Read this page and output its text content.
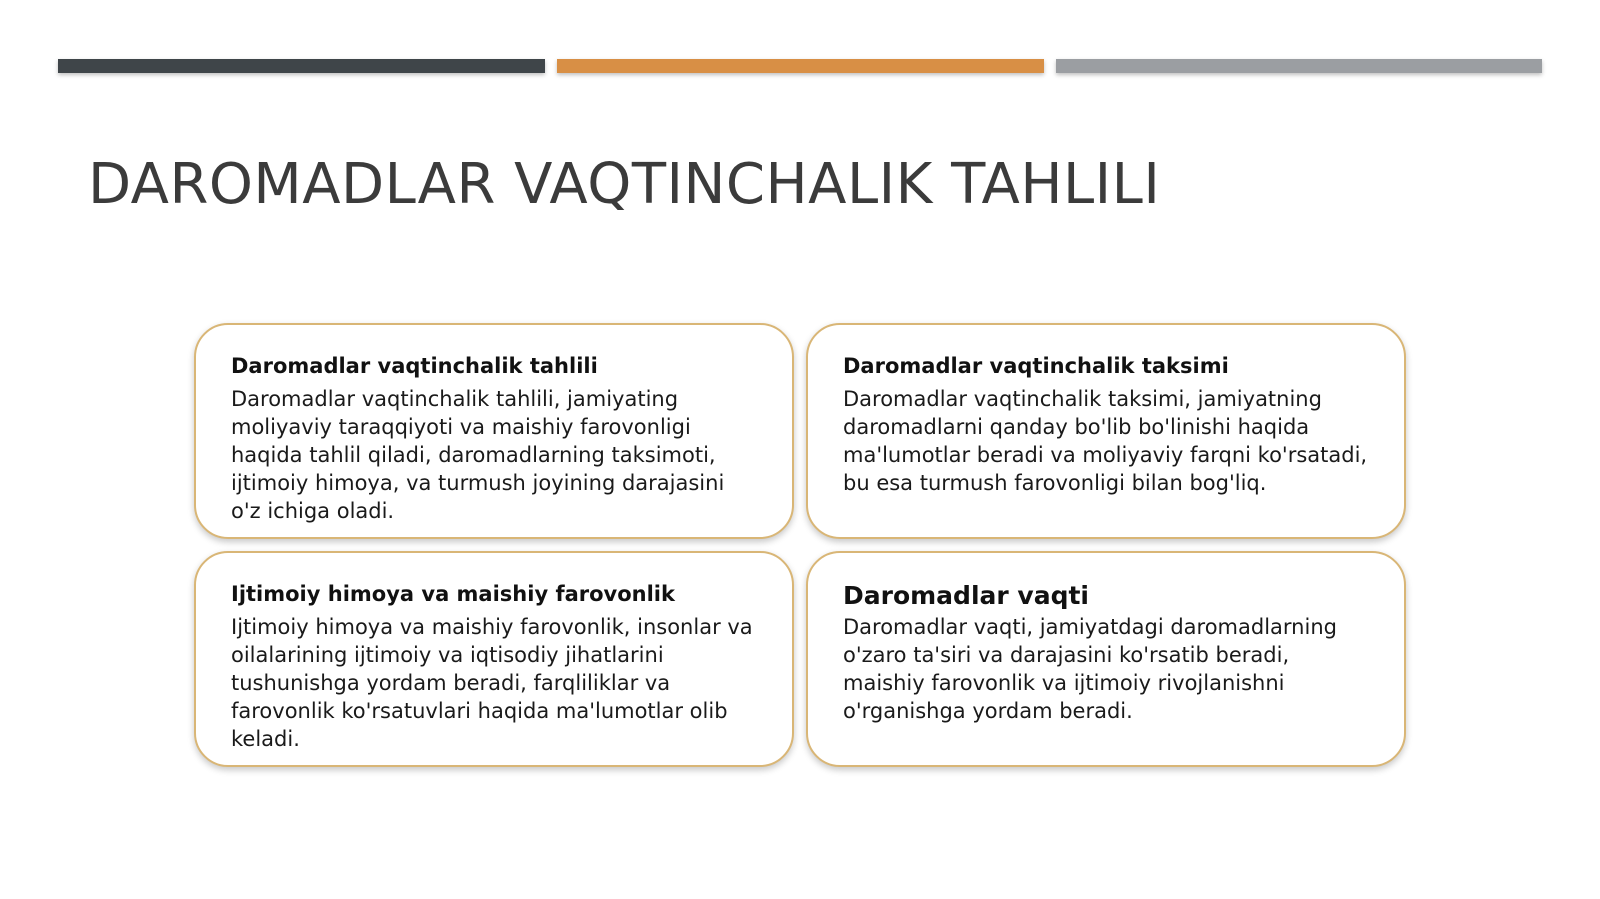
DAROMADLAR VAQTINCHALIK TAHLILI
Daromadlar vaqtinchalik tahlili

Daromadlar vaqtinchalik tahlili, jamiyating moliyaviy taraqqiyoti va maishiy farovonligi haqida tahlil qiladi, daromadlarning taksimoti, ijtimoiy himoya, va turmush joyining darajasini o'z ichiga oladi.

Daromadlar vaqtinchalik taksimi

Daromadlar vaqtinchalik taksimi, jamiyatning daromadlarni qanday bo'lib bo'linishi haqida ma'lumotlar beradi va moliyaviy farqni ko'rsatadi, bu esa turmush farovonligi bilan bog'liq.

Ijtimoiy himoya va maishiy farovonlik

Ijtimoiy himoya va maishiy farovonlik, insonlar va oilalarining ijtimoiy va iqtisodiy jihatlarini tushunishga yordam beradi, farqliliklar va farovonlik ko'rsatuvlari haqida ma'lumotlar olib keladi.

Daromadlar vaqti

Daromadlar vaqti, jamiyatdagi daromadlarning o'zaro ta'siri va darajasini ko'rsatib beradi, maishiy farovonlik va ijtimoiy rivojlanishni o'rganishga yordam beradi.
